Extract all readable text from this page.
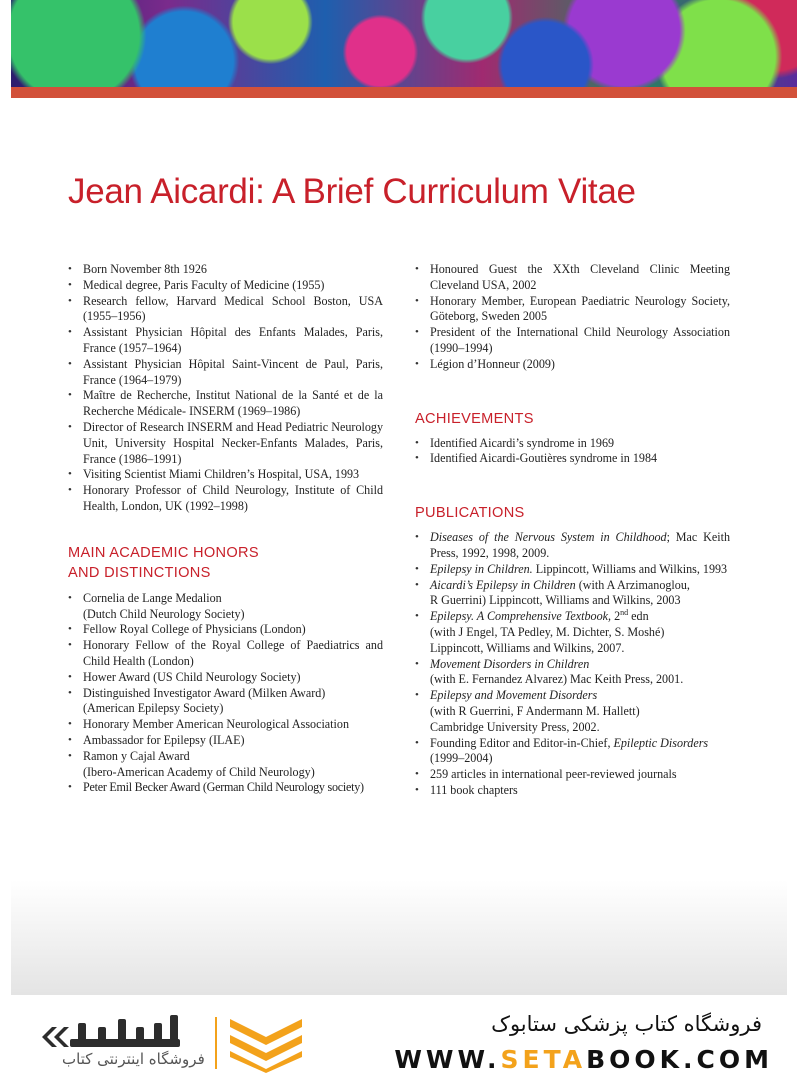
Jean Aicardi: A Brief Curriculum Vitae
• Born November 8th 1926
• Medical degree, Paris Faculty of Medicine (1955)
• Research fellow, Harvard Medical School Boston, USA (1955–1956)
• Assistant Physician Hôpital des Enfants Malades, Paris, France (1957–1964)
• Assistant Physician Hôpital Saint-Vincent de Paul, Paris, France (1964–1979)
• Maître de Recherche, Institut National de la Santé et de la Recherche Médicale- INSERM (1969–1986)
• Director of Research INSERM and Head Pediatric Neurology Unit, University Hospital Necker-Enfants Malades, Paris, France (1986–1991)
• Visiting Scientist Miami Children’s Hospital, USA, 1993
• Honorary Professor of Child Neurology, Institute of Child Health, London, UK (1992–1998)
MAIN ACADEMIC HONORS
AND DISTINCTIONS
• Cornelia de Lange Medalion
(Dutch Child Neurology Society)
• Fellow Royal College of Physicians (London)
• Honorary Fellow of the Royal College of Paediatrics and Child Health (London)
• Hower Award (US Child Neurology Society)
• Distinguished Investigator Award (Milken Award)
(American Epilepsy Society)
• Honorary Member American Neurological Association
• Ambassador for Epilepsy (ILAE)
• Ramon y Cajal Award
(Ibero-American Academy of Child Neurology)
• Peter Emil Becker Award (German Child Neurology society)
• Honoured Guest the XXth Cleveland Clinic Meeting Cleveland USA, 2002
• Honorary Member, European Paediatric Neurology Society, Göteborg, Sweden 2005
• President of the International Child Neurology Association (1990–1994)
• Légion d’Honneur (2009)
ACHIEVEMENTS
• Identified Aicardi’s syndrome in 1969
• Identified Aicardi-Goutières syndrome in 1984
PUBLICATIONS
• Diseases of the Nervous System in Childhood; Mac Keith Press, 1992, 1998, 2009.
• Epilepsy in Children. Lippincott, Williams and Wilkins, 1993
• Aicardi’s Epilepsy in Children (with A Arzimanoglou,
R Guerrini) Lippincott, Williams and Wilkins, 2003
• Epilepsy. A Comprehensive Textbook, 2nd edn
(with J Engel, TA Pedley, M. Dichter, S. Moshé)
Lippincott, Williams and Wilkins, 2007.
• Movement Disorders in Children
(with E. Fernandez Alvarez) Mac Keith Press, 2001.
• Epilepsy and Movement Disorders
(with R Guerrini, F Andermann M. Hallett)
Cambridge University Press, 2002.
• Founding Editor and Editor-in-Chief, Epileptic Disorders
(1999–2004)
• 259 articles in international peer-reviewed journals
• 111 book chapters
فروشگاه اینترنتی کتاب
فروشگاه کتاب پزشکی ستابوک
WWW.SETABOOK.COM
